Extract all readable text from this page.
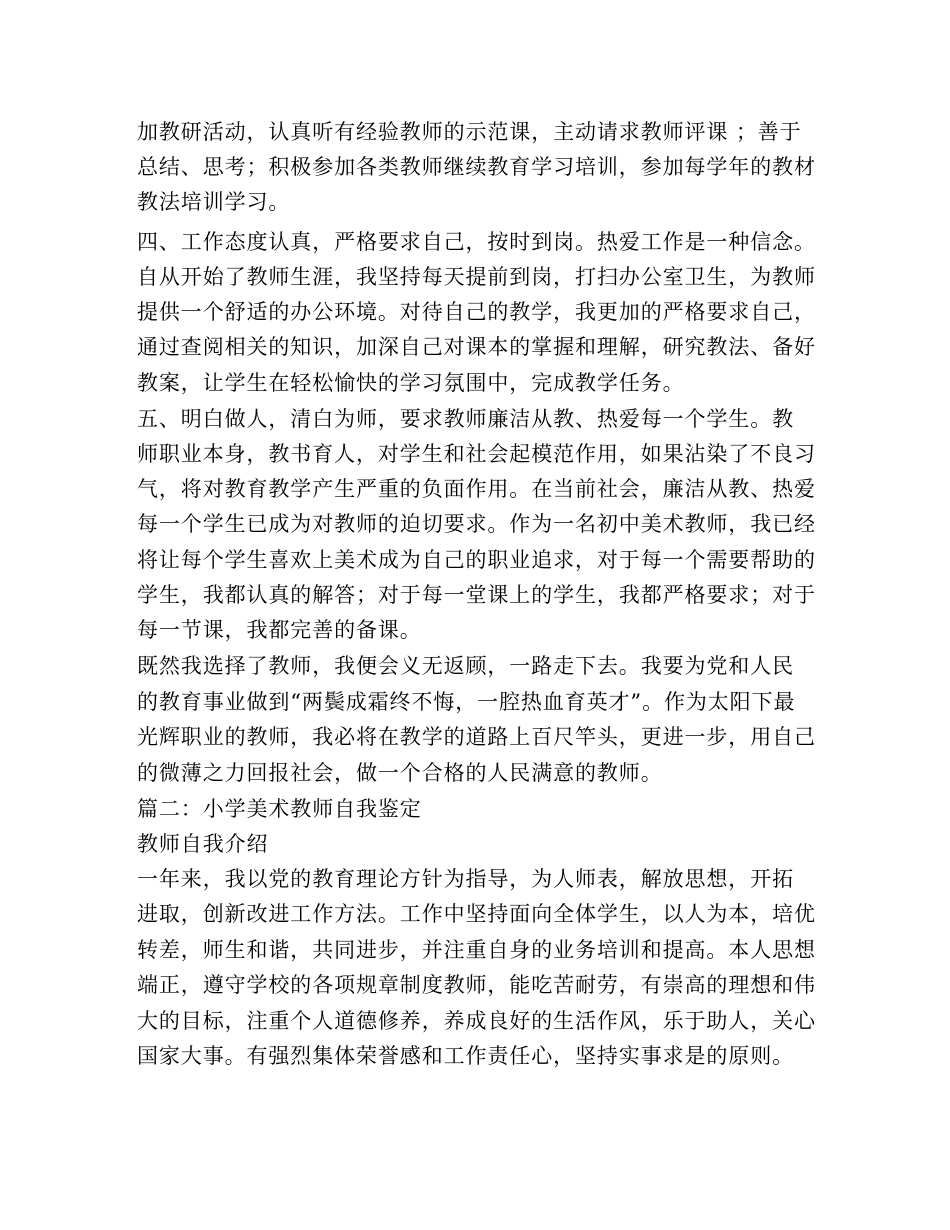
加教研活动，认真听有经验教师的示范课，主动请求教师评课 ；善于
总结、思考；积极参加各类教师继续教育学习培训，参加每学年的教材
教法培训学习。
四、工作态度认真，严格要求自己，按时到岗。热爱工作是一种信念。
自从开始了教师生涯，我坚持每天提前到岗，打扫办公室卫生，为教师
提供一个舒适的办公环境。对待自己的教学，我更加的严格要求自己，
通过查阅相关的知识，加深自己对课本的掌握和理解，研究教法、备好
教案，让学生在轻松愉快的学习氛围中，完成教学任务。
五、明白做人，清白为师，要求教师廉洁从教、热爱每一个学生。教
师职业本身，教书育人，对学生和社会起模范作用，如果沾染了不良习
气，将对教育教学产生严重的负面作用。在当前社会，廉洁从教、热爱
每一个学生已成为对教师的迫切要求。作为一名初中美术教师，我已经
将让每个学生喜欢上美术成为自己的职业追求，对于每一个需要帮助的
学生，我都认真的解答；对于每一堂课上的学生，我都严格要求；对于
每一节课，我都完善的备课。
既然我选择了教师，我便会义无返顾，一路走下去。我要为党和人民
的教育事业做到“两鬓成霜终不悔，一腔热血育英才”。作为太阳下最
光辉职业的教师，我必将在教学的道路上百尺竿头，更进一步，用自己
的微薄之力回报社会，做一个合格的人民满意的教师。
篇二：小学美术教师自我鉴定
教师自我介绍
一年来，我以党的教育理论方针为指导，为人师表，解放思想，开拓
进取，创新改进工作方法。工作中坚持面向全体学生，以人为本，培优
转差，师生和谐，共同进步，并注重自身的业务培训和提高。本人思想
端正，遵守学校的各项规章制度教师，能吃苦耐劳，有崇高的理想和伟
大的目标，注重个人道德修养，养成良好的生活作风，乐于助人，关心
国家大事。有强烈集体荣誉感和工作责任心，坚持实事求是的原则。
